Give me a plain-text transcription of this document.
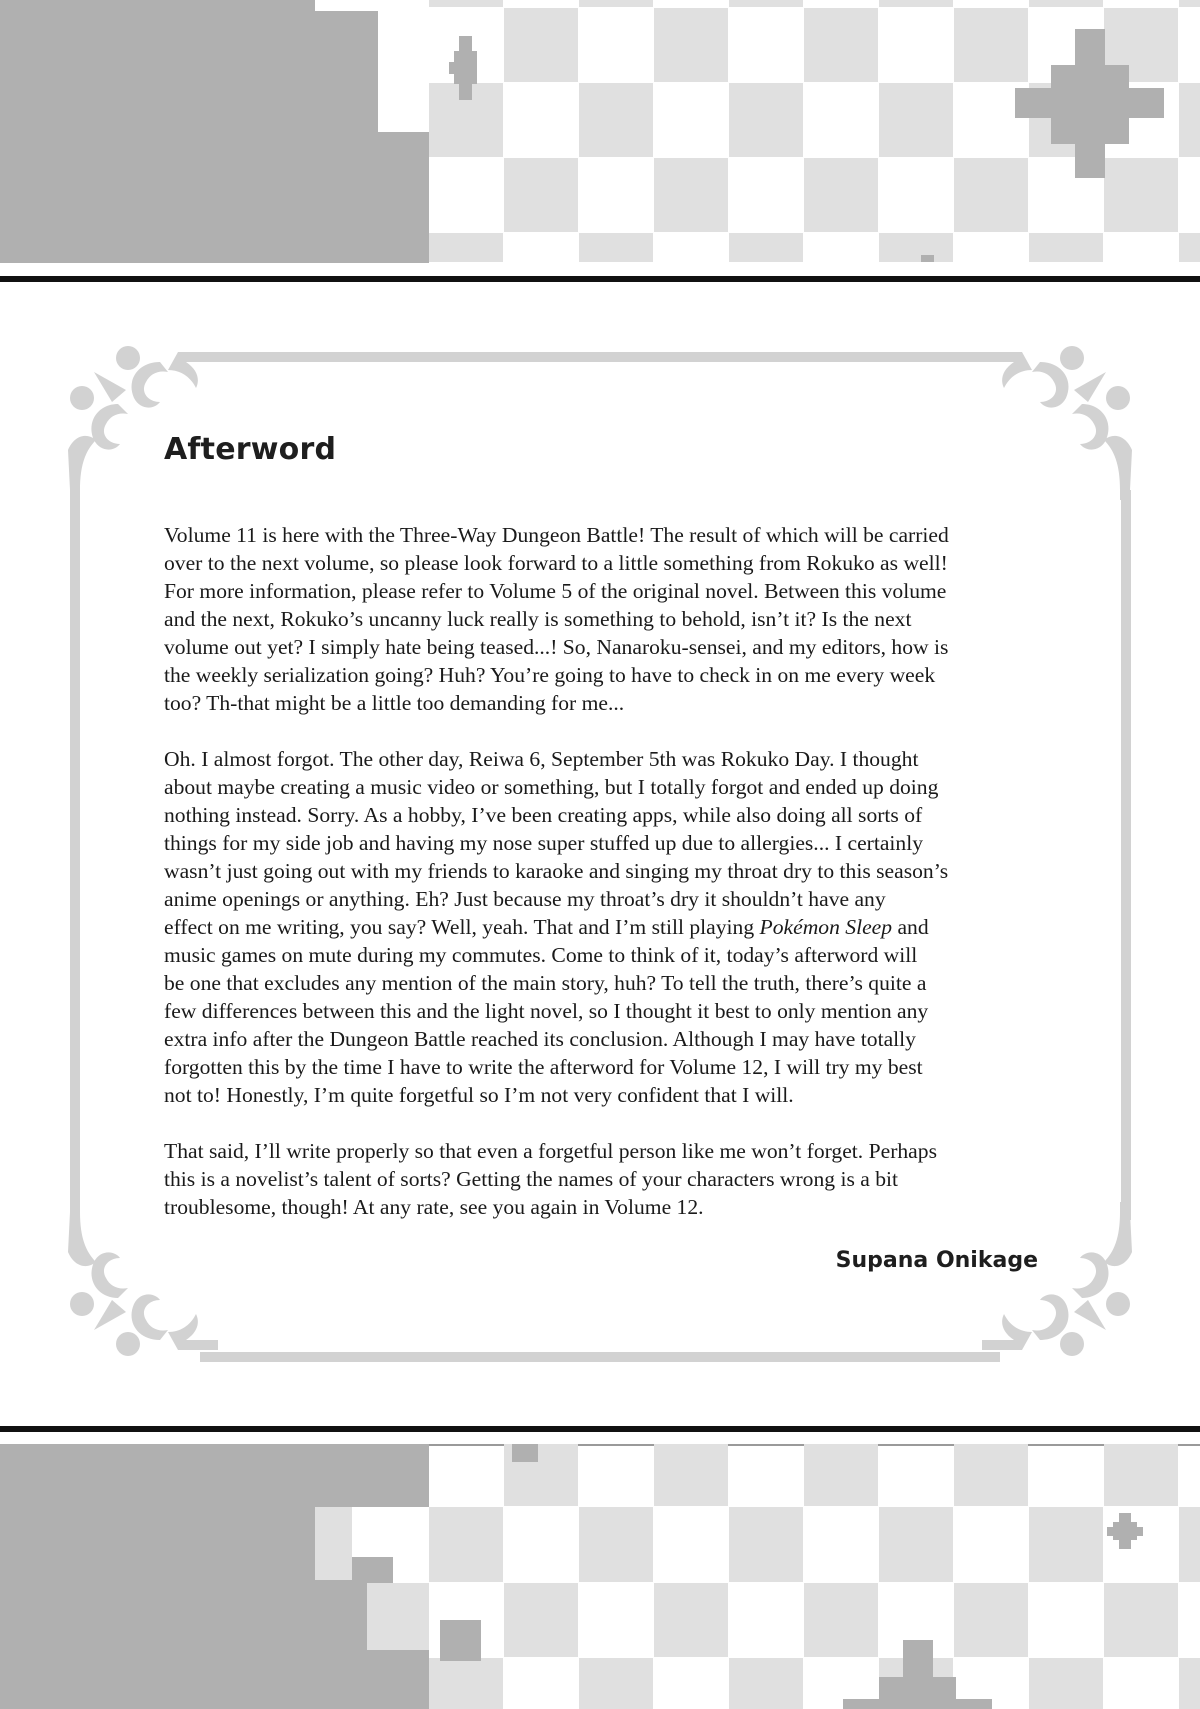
Afterword
Volume 11 is here with the Three-Way Dungeon Battle! The result of which will be carried
over to the next volume, so please look forward to a little something from Rokuko as well!
For more information, please refer to Volume 5 of the original novel. Between this volume
and the next, Rokuko’s uncanny luck really is something to behold, isn’t it? Is the next
volume out yet? I simply hate being teased...! So, Nanaroku-sensei, and my editors, how is
the weekly serialization going? Huh? You’re going to have to check in on me every week
too? Th-that might be a little too demanding for me...
Oh. I almost forgot. The other day, Reiwa 6, September 5th was Rokuko Day. I thought
about maybe creating a music video or something, but I totally forgot and ended up doing
nothing instead. Sorry. As a hobby, I’ve been creating apps, while also doing all sorts of
things for my side job and having my nose super stuffed up due to allergies... I certainly
wasn’t just going out with my friends to karaoke and singing my throat dry to this season’s
anime openings or anything. Eh? Just because my throat’s dry it shouldn’t have any
effect on me writing, you say? Well, yeah. That and I’m still playing Pokémon Sleep and
music games on mute during my commutes. Come to think of it, today’s afterword will
be one that excludes any mention of the main story, huh? To tell the truth, there’s quite a
few differences between this and the light novel, so I thought it best to only mention any
extra info after the Dungeon Battle reached its conclusion. Although I may have totally
forgotten this by the time I have to write the afterword for Volume 12, I will try my best
not to! Honestly, I’m quite forgetful so I’m not very confident that I will.
That said, I’ll write properly so that even a forgetful person like me won’t forget. Perhaps
this is a novelist’s talent of sorts? Getting the names of your characters wrong is a bit
troublesome, though! At any rate, see you again in Volume 12.
Supana Onikage
